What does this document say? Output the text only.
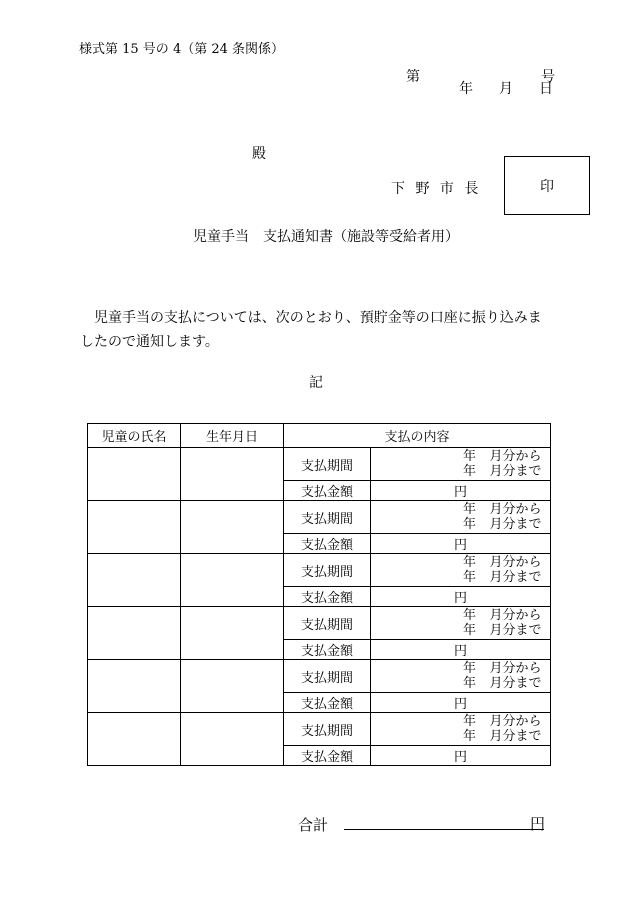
様式第 15 号の 4（第 24 条関係）
第	号
年 月 日
殿
下 野 市 長	印
児童手当　支払通知書（施設等受給者用）
児童手当の支払については、次のとおり、預貯金等の口座に振り込みましたので通知します。
記
児童の氏名	生年月日	支払の内容	
		支払期間	年 月分から
年 月分まで

		支払金額	円
		支払期間	年 月分から
年 月分まで

		支払金額	円
		支払期間	年 月分から
年 月分まで

		支払金額	円
		支払期間	年 月分から
年 月分まで

		支払金額	円
		支払期間	年 月分から
年 月分まで

		支払金額	円
		支払期間	年 月分から
年 月分まで

		支払金額	円
合計	円
